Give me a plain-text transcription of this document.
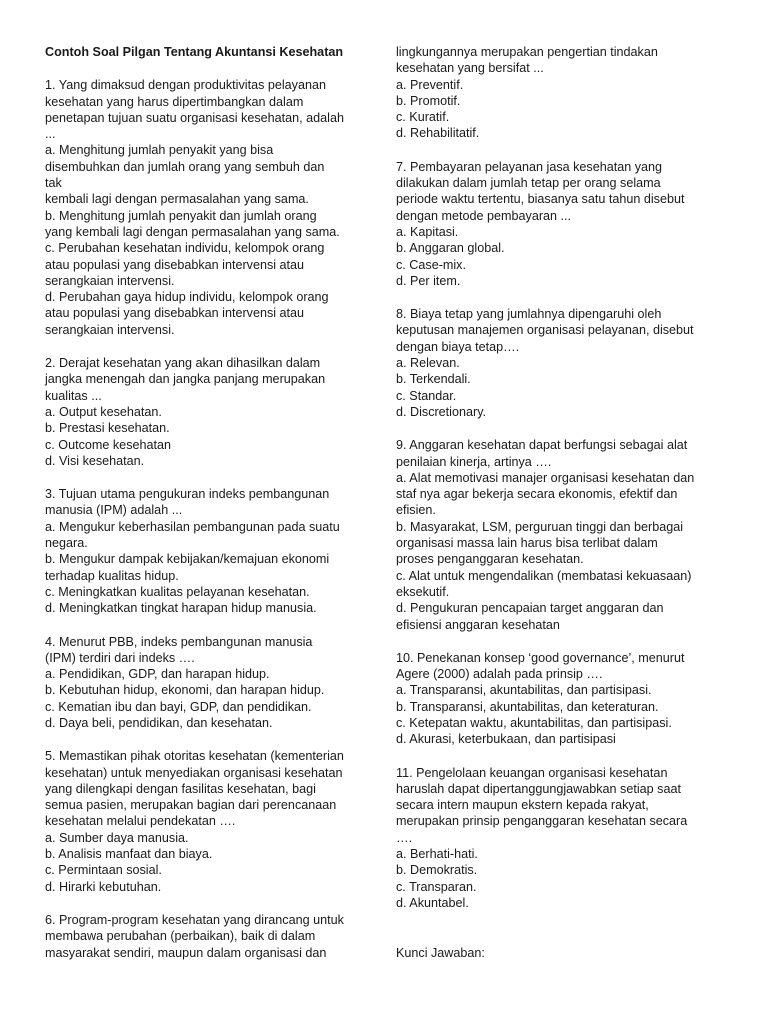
Contoh Soal Pilgan Tentang Akuntansi Kesehatan
1. Yang dimaksud dengan produktivitas pelayanan
kesehatan yang harus dipertimbangkan dalam
penetapan tujuan suatu organisasi kesehatan, adalah
...
a. Menghitung jumlah penyakit yang bisa
disembuhkan dan jumlah orang yang sembuh dan
tak
kembali lagi dengan permasalahan yang sama.
b. Menghitung jumlah penyakit dan jumlah orang
yang kembali lagi dengan permasalahan yang sama.
c. Perubahan kesehatan individu, kelompok orang
atau populasi yang disebabkan intervensi atau
serangkaian intervensi.
d. Perubahan gaya hidup individu, kelompok orang
atau populasi yang disebabkan intervensi atau
serangkaian intervensi.
2. Derajat kesehatan yang akan dihasilkan dalam
jangka menengah dan jangka panjang merupakan
kualitas ...
a. Output kesehatan.
b. Prestasi kesehatan.
c. Outcome kesehatan
d. Visi kesehatan.
3. Tujuan utama pengukuran indeks pembangunan
manusia (IPM) adalah ...
a. Mengukur keberhasilan pembangunan pada suatu
negara.
b. Mengukur dampak kebijakan/kemajuan ekonomi
terhadap kualitas hidup.
c. Meningkatkan kualitas pelayanan kesehatan.
d. Meningkatkan tingkat harapan hidup manusia.
4. Menurut PBB, indeks pembangunan manusia
(IPM) terdiri dari indeks ….
a. Pendidikan, GDP, dan harapan hidup.
b. Kebutuhan hidup, ekonomi, dan harapan hidup.
c. Kematian ibu dan bayi, GDP, dan pendidikan.
d. Daya beli, pendidikan, dan kesehatan.
5. Memastikan pihak otoritas kesehatan (kementerian
kesehatan) untuk menyediakan organisasi kesehatan
yang dilengkapi dengan fasilitas kesehatan, bagi
semua pasien, merupakan bagian dari perencanaan
kesehatan melalui pendekatan ….
a. Sumber daya manusia.
b. Analisis manfaat dan biaya.
c. Permintaan sosial.
d. Hirarki kebutuhan.
6. Program-program kesehatan yang dirancang untuk
membawa perubahan (perbaikan), baik di dalam
masyarakat sendiri, maupun dalam organisasi dan
lingkungannya merupakan pengertian tindakan
kesehatan yang bersifat ...
a. Preventif.
b. Promotif.
c. Kuratif.
d. Rehabilitatif.
7. Pembayaran pelayanan jasa kesehatan yang
dilakukan dalam jumlah tetap per orang selama
periode waktu tertentu, biasanya satu tahun disebut
dengan metode pembayaran ...
a. Kapitasi.
b. Anggaran global.
c. Case-mix.
d. Per item.
8. Biaya tetap yang jumlahnya dipengaruhi oleh
keputusan manajemen organisasi pelayanan, disebut
dengan biaya tetap….
a. Relevan.
b. Terkendali.
c. Standar.
d. Discretionary.
9. Anggaran kesehatan dapat berfungsi sebagai alat
penilaian kinerja, artinya ….
a. Alat memotivasi manajer organisasi kesehatan dan
staf nya agar bekerja secara ekonomis, efektif dan
efisien.
b. Masyarakat, LSM, perguruan tinggi dan berbagai
organisasi massa lain harus bisa terlibat dalam
proses penganggaran kesehatan.
c. Alat untuk mengendalikan (membatasi kekuasaan)
eksekutif.
d. Pengukuran pencapaian target anggaran dan
efisiensi anggaran kesehatan
10. Penekanan konsep ‘good governance’, menurut
Agere (2000) adalah pada prinsip ….
a. Transparansi, akuntabilitas, dan partisipasi.
b. Transparansi, akuntabilitas, dan keteraturan.
c. Ketepatan waktu, akuntabilitas, dan partisipasi.
d. Akurasi, keterbukaan, dan partisipasi
11. Pengelolaan keuangan organisasi kesehatan
haruslah dapat dipertanggungjawabkan setiap saat
secara intern maupun ekstern kepada rakyat,
merupakan prinsip penganggaran kesehatan secara
….
a. Berhati-hati.
b. Demokratis.
c. Transparan.
d. Akuntabel.
Kunci Jawaban:
